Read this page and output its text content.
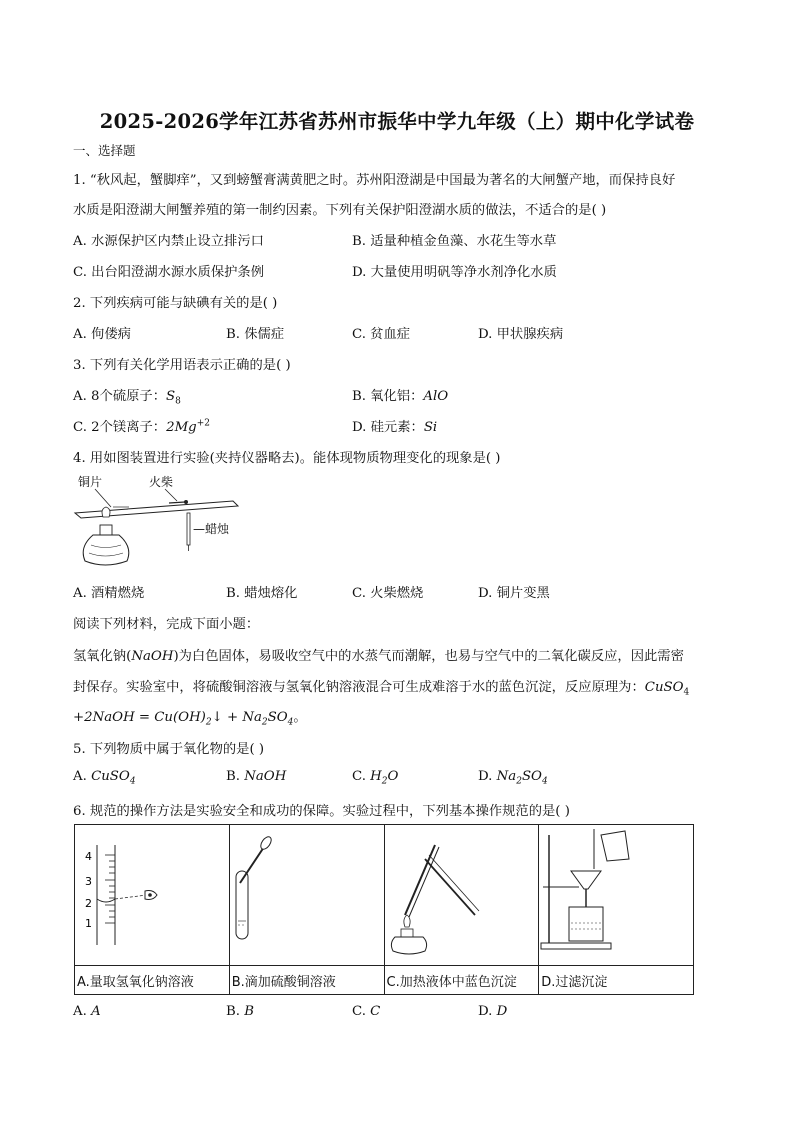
2025-2026学年江苏省苏州市振华中学九年级（上）期中化学试卷
一、选择题
1. “秋风起，蟹脚痒”，又到螃蟹膏满黄肥之时。苏州阳澄湖是中国最为著名的大闸蟹产地，而保持良好
水质是阳澄湖大闸蟹养殖的第一制约因素。下列有关保护阳澄湖水质的做法，不适合的是( )
A. 水源保护区内禁止设立排污口	B. 适量种植金鱼藻、水花生等水草
C. 出台阳澄湖水源水质保护条例	D. 大量使用明矾等净水剂净化水质
2. 下列疾病可能与缺碘有关的是( )
A. 佝偻病	B. 侏儒症	C. 贫血症	D. 甲状腺疾病
3. 下列有关化学用语表示正确的是( )
A. 8个硫原子：$S_8$	B. 氧化铝：AlO
C. 2个镁离子：$2Mg^{+2}$	D. 硅元素：Si
4. 用如图装置进行实验(夹持仪器略去)。能体现物质物理变化的现象是( )
铜片	火柴
—蜡烛
A. 酒精燃烧	B. 蜡烛熔化	C. 火柴燃烧	D. 铜片变黑
阅读下列材料，完成下面小题：
氢氧化钠(NaOH)为白色固体，易吸收空气中的水蒸气而潮解，也易与空气中的二氧化碳反应，因此需密
封保存。实验室中，将硫酸铜溶液与氢氧化钠溶液混合可生成难溶于水的蓝色沉淀，反应原理为：CuSO$_4$
+2NaOH = $Cu(OH)_2↓ + Na_2SO_4$。
5. 下列物质中属于氧化物的是( )
A. CuSO$_4$	B. NaOH	C. $H_2O$	D. $Na_2SO_4$
6. 规范的操作方法是实验安全和成功的保障。实验过程中，下列基本操作规范的是( )
4
3
2
1

A.量取氢氧化钠溶液	B.滴加硫酸铜溶液	C.加热液体中蓝色沉淀	D.过滤沉淀
A. A	B. B	C. C	D. D
